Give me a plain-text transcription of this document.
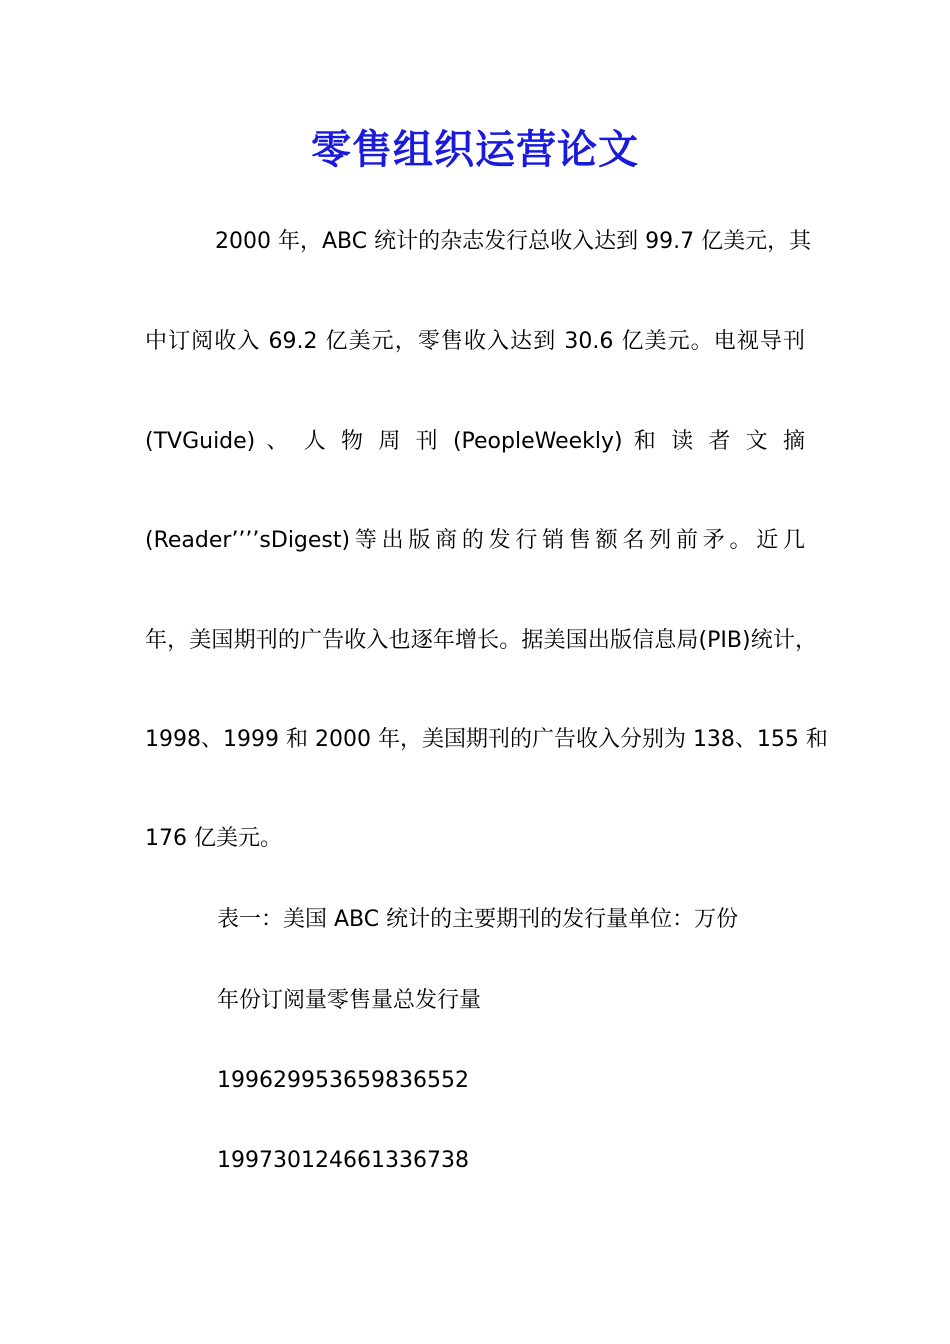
零售组织运营论文
2000 年，ABC 统计的杂志发行总收入达到 99.7 亿美元，其
中订阅收入 69.2 亿美元，零售收入达到 30.6 亿美元。电视导刊
(TVGuide) 、 人 物 周 刊 (PeopleWeekly) 和 读 者 文 摘
(Reader’’’’sDigest)等出版商的发行销售额名列前矛。近几
年，美国期刊的广告收入也逐年增长。据美国出版信息局(PIB)统计，
1998、1999 和 2000 年，美国期刊的广告收入分别为 138、155 和
176 亿美元。
表一：美国 ABC 统计的主要期刊的发行量单位：万份
年份订阅量零售量总发行量
199629953659836552
199730124661336738
